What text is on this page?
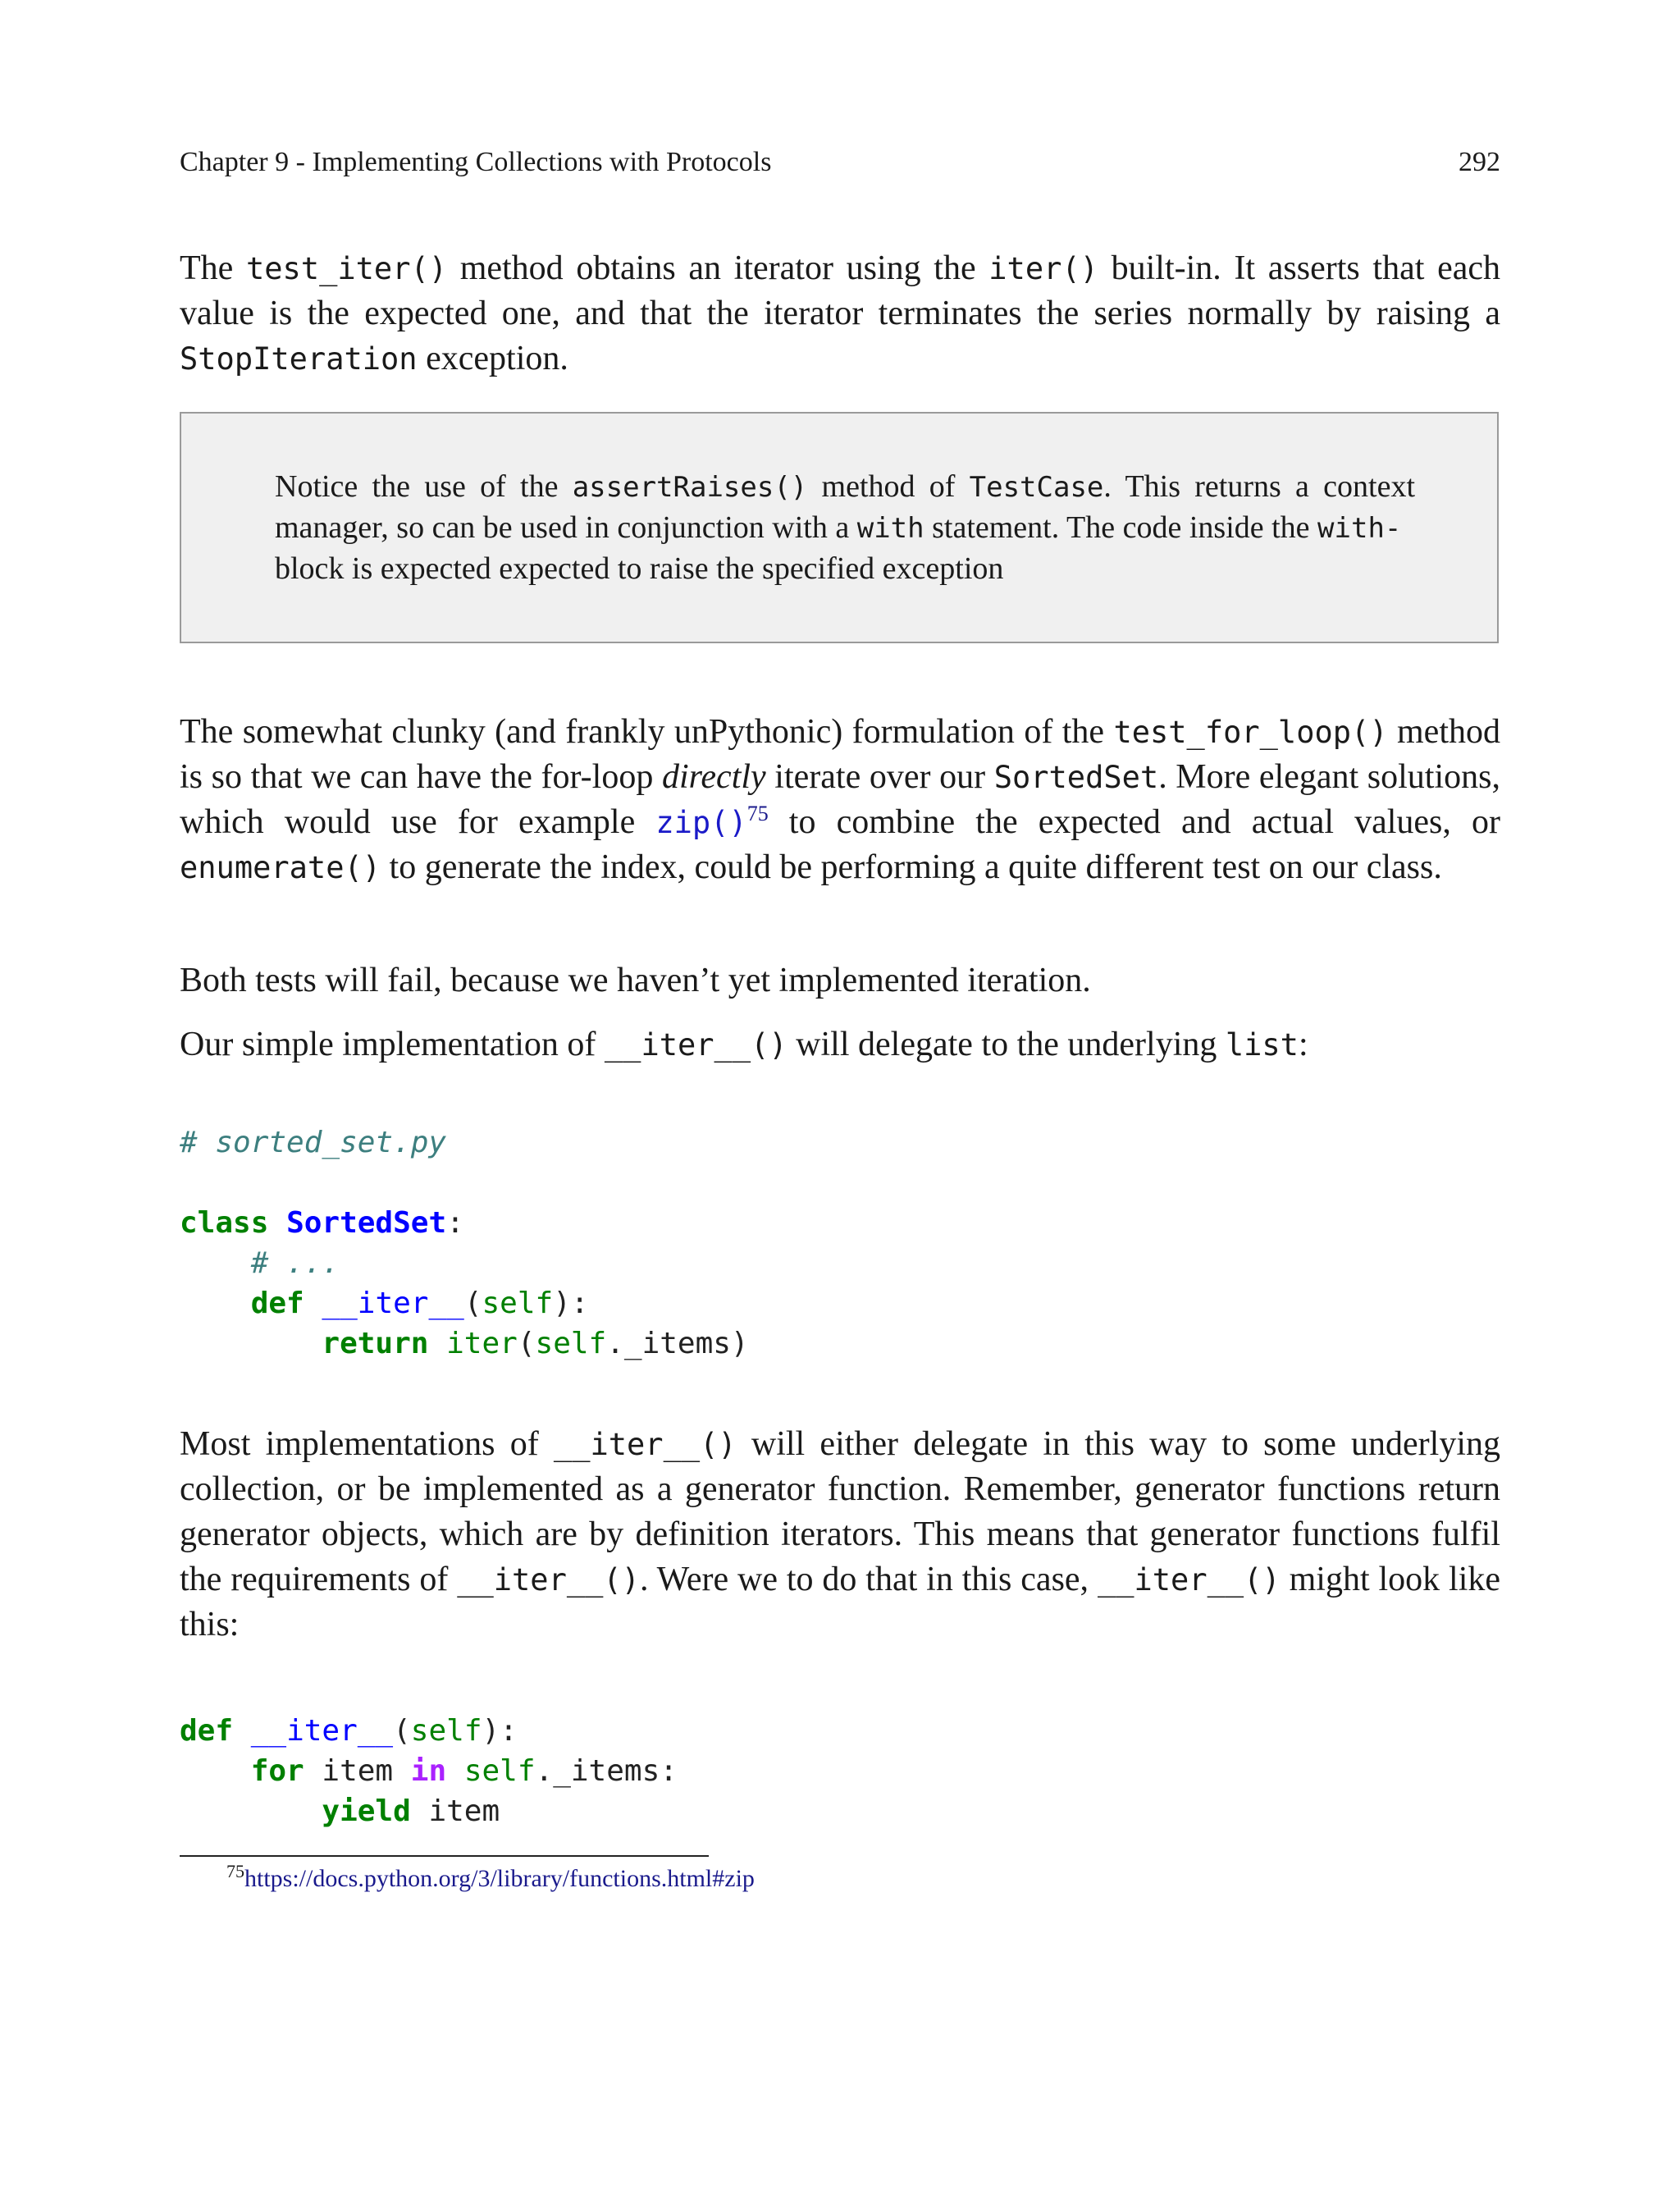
Chapter 9 - Implementing Collections with Protocols	292

The test_iter() method obtains an iterator using the iter() built-in. It asserts that each value is the expected one, and that the iterator terminates the series normally by raising a StopIteration exception.

Notice the use of the assertRaises() method of TestCase. This returns a context manager, so can be used in conjunction with a with statement. The code inside the with-
block is expected expected to raise the specified exception

The somewhat clunky (and frankly unPythonic) formulation of the test_for_loop() method is so that we can have the for-loop directly iterate over our SortedSet. More elegant solutions, which would use for example zip()$^{75}$ to combine the expected and actual values, or enumerate() to generate the index, could be performing a quite different test on our class.

Both tests will fail, because we haven’t yet implemented iteration.

Our simple implementation of __iter__() will delegate to the underlying list:

# sorted_set.py

class SortedSet:
# ...
def __iter__(self):
return iter(self._items)

Most implementations of __iter__() will either delegate in this way to some underlying collection, or be implemented as a generator function. Remember, generator functions return generator objects, which are by definition iterators. This means that generator functions fulfil the requirements of __iter__(). Were we to do that in this case, __iter__() might look like this:

def __iter__(self):
for item in self._items:
yield item
$^{75}$https://docs.python.org/3/library/functions.html#zip
